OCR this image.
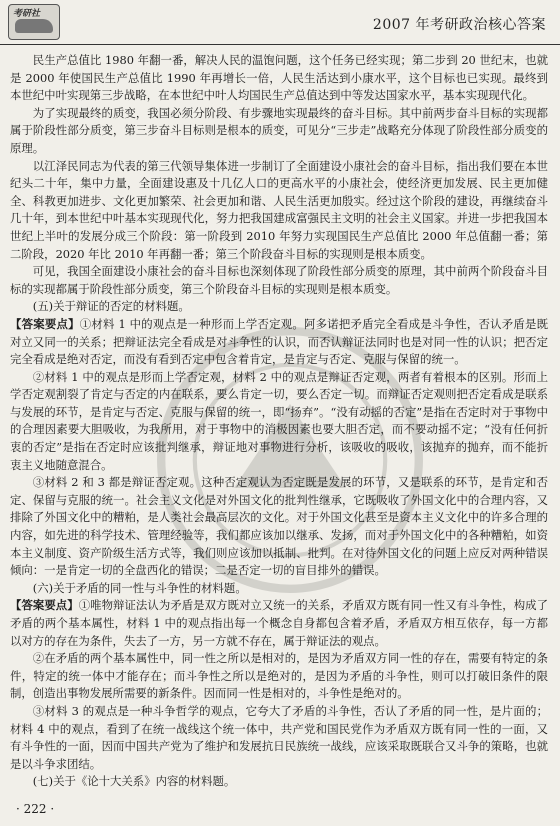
考研社
2007 年考研政治核心答案

民生产总值比 1980 年翻一番，解决人民的温饱问题，这个任务已经实现；第二步到 20 世纪末，也就是 2000 年使国民生产总值比 1990 年再增长一倍，人民生活达到小康水平，这个目标也已实现。最终到本世纪中叶实现第三步战略，在本世纪中叶人均国民生产总值达到中等发达国家水平，基本实现现代化。

为了实现最终的质变，我国必须分阶段、有步骤地实现最终的奋斗目标。其中前两步奋斗目标的实现都属于阶段性部分质变，第三步奋斗目标则是根本的质变，可见分“三步走”战略充分体现了阶段性部分质变的原理。

以江泽民同志为代表的第三代领导集体进一步制订了全面建设小康社会的奋斗目标，指出我们要在本世纪头二十年，集中力量，全面建设惠及十几亿人口的更高水平的小康社会，使经济更加发展、民主更加健全、科教更加进步、文化更加繁荣、社会更加和谐、人民生活更加殷实。经过这个阶段的建设，再继续奋斗几十年，到本世纪中叶基本实现现代化，努力把我国建成富强民主文明的社会主义国家。并进一步把我国本世纪上半叶的发展分成三个阶段：第一阶段到 2010 年努力实现国民生产总值比 2000 年总值翻一番；第二阶段，2020 年比 2010 年再翻一番；第三个阶段奋斗目标的实现则是根本质变。

可见，我国全面建设小康社会的奋斗目标也深刻体现了阶段性部分质变的原理，其中前两个阶段奋斗目标的实现都属于阶段性部分质变，第三个阶段奋斗目标的实现则是根本质变。

(五)关于辩证的否定的材料题。

【答案要点】①材料 1 中的观点是一种形而上学否定观。阿多诺把矛盾完全看成是斗争性，否认矛盾是既对立又同一的关系；把辩证法完全看成是对斗争性的认识，而否认辩证法同时也是对同一性的认识；把否定完全看成是绝对否定，而没有看到否定中包含着肯定，是肯定与否定、克服与保留的统一。

②材料 1 中的观点是形而上学否定观，材料 2 中的观点是辩证否定观，两者有着根本的区别。形而上学否定观割裂了肯定与否定的内在联系，要么肯定一切，要么否定一切。而辩证否定观则把否定看成是联系与发展的环节，是肯定与否定、克服与保留的统一，即“扬弃”。“没有动摇的否定”是指在否定时对于事物中的合理因素要大胆吸收，为我所用，对于事物中的消极因素也要大胆否定，而不要动摇不定；“没有任何折衷的否定”是指在否定时应该批判继承，辩证地对事物进行分析，该吸收的吸收，该抛弃的抛弃，而不能折衷主义地随意混合。

③材料 2 和 3 都是辩证否定观。这种否定观认为否定既是发展的环节，又是联系的环节，是肯定和否定、保留与克服的统一。社会主义文化是对外国文化的批判性继承，它既吸收了外国文化中的合理内容，又排除了外国文化中的糟粕，是人类社会最高层次的文化。对于外国文化甚至是资本主义文化中的许多合理的内容，如先进的科学技术、管理经验等，我们都应该加以继承、发扬，而对于外国文化中的各种糟粕，如资本主义制度、资产阶级生活方式等，我们则应该加以抵制、批判。在对待外国文化的问题上应反对两种错误倾向：一是肯定一切的全盘西化的错误；二是否定一切的盲目排外的错误。

(六)关于矛盾的同一性与斗争性的材料题。

【答案要点】①唯物辩证法认为矛盾是双方既对立又统一的关系，矛盾双方既有同一性又有斗争性，构成了矛盾的两个基本属性，材料 1 中的观点指出每一个概念自身都包含着矛盾，矛盾双方相互依存，每一方都以对方的存在为条件，失去了一方，另一方就不存在，属于辩证法的观点。

②在矛盾的两个基本属性中，同一性之所以是相对的，是因为矛盾双方同一性的存在，需要有特定的条件，特定的统一体中才能存在；而斗争性之所以是绝对的，是因为矛盾的斗争性，则可以打破旧条件的限制，创造出事物发展所需要的新条件。因而同一性是相对的，斗争性是绝对的。

③材料 3 的观点是一种斗争哲学的观点，它夸大了矛盾的斗争性，否认了矛盾的同一性，是片面的；材料 4 中的观点，看到了在统一战线这个统一体中，共产党和国民党作为矛盾双方既有同一性的一面，又有斗争性的一面，因而中国共产党为了维护和发展抗日民族统一战线，应该采取既联合又斗争的策略，也就是以斗争求团结。

(七)关于《论十大关系》内容的材料题。

· 222 ·
